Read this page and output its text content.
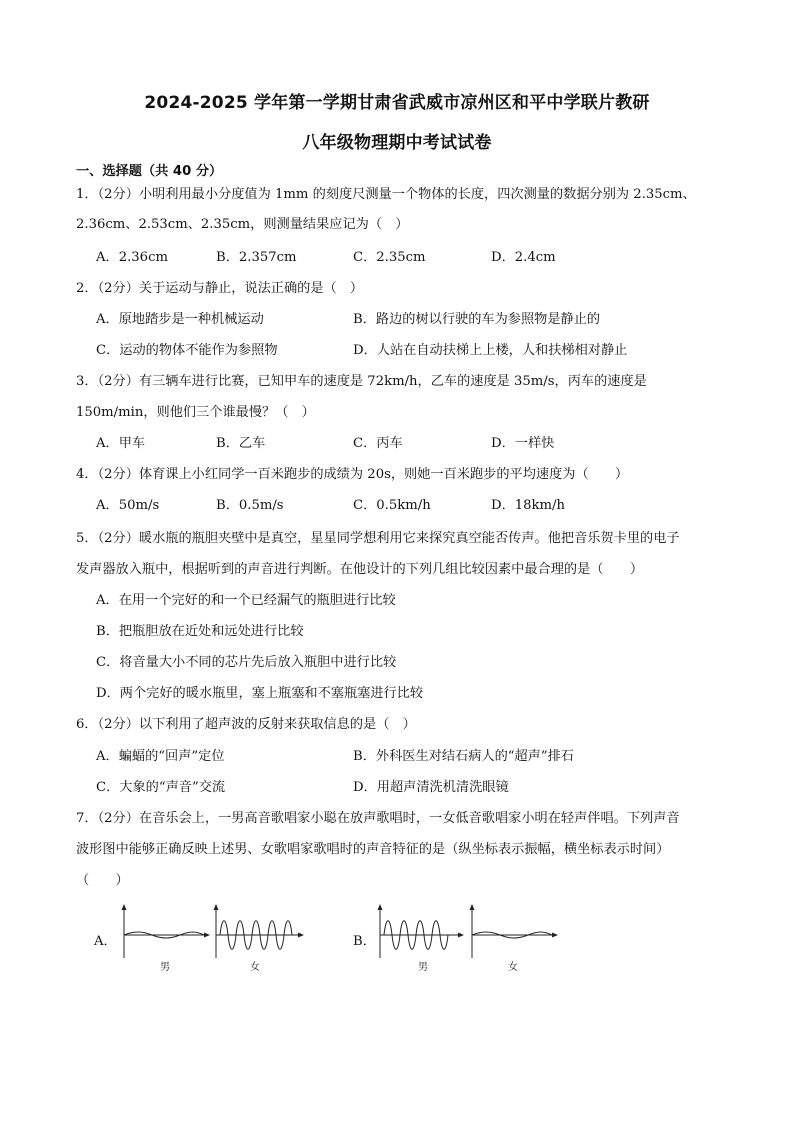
2024-2025 学年第一学期甘肃省武威市凉州区和平中学联片教研
八年级物理期中考试试卷
一、选择题（共 40 分）
1．（2分）小明利用最小分度值为 1mm 的刻度尺测量一个物体的长度，四次测量的数据分别为 2.35cm、
2.36cm、2.53cm、2.35cm，则测量结果应记为（　）
A．2.36cm	B．2.357cm	C．2.35cm	D．2.4cm
2．（2分）关于运动与静止，说法正确的是（　）
A．原地踏步是一种机械运动	B．路边的树以行驶的车为参照物是静止的
C．运动的物体不能作为参照物	D．人站在自动扶梯上上楼，人和扶梯相对静止
3．（2分）有三辆车进行比赛，已知甲车的速度是 72km/h，乙车的速度是 35m/s，丙车的速度是
150m/min，则他们三个谁最慢？（　）
A．甲车	B．乙车	C．丙车	D．一样快
4．（2分）体育课上小红同学一百米跑步的成绩为 20s，则她一百米跑步的平均速度为（　　）
A．50m/s	B．0.5m/s	C．0.5km/h	D．18km/h
5．（2分）暖水瓶的瓶胆夹壁中是真空，星星同学想利用它来探究真空能否传声。他把音乐贺卡里的电子
发声器放入瓶中，根据听到的声音进行判断。在他设计的下列几组比较因素中最合理的是（　　）
A．在用一个完好的和一个已经漏气的瓶胆进行比较
B．把瓶胆放在近处和远处进行比较
C．将音量大小不同的芯片先后放入瓶胆中进行比较
D．两个完好的暖水瓶里，塞上瓶塞和不塞瓶塞进行比较
6．（2分）以下利用了超声波的反射来获取信息的是（　）
A．蝙蝠的“回声”定位	B．外科医生对结石病人的“超声”排石
C．大象的“声音”交流	D．用超声清洗机清洗眼镜
7．（2分）在音乐会上，一男高音歌唱家小聪在放声歌唱时，一女低音歌唱家小明在轻声伴唱。下列声音
波形图中能够正确反映上述男、女歌唱家歌唱时的声音特征的是（纵坐标表示振幅，横坐标表示时间）
（　　）
A．	B．
男	女	男	女
